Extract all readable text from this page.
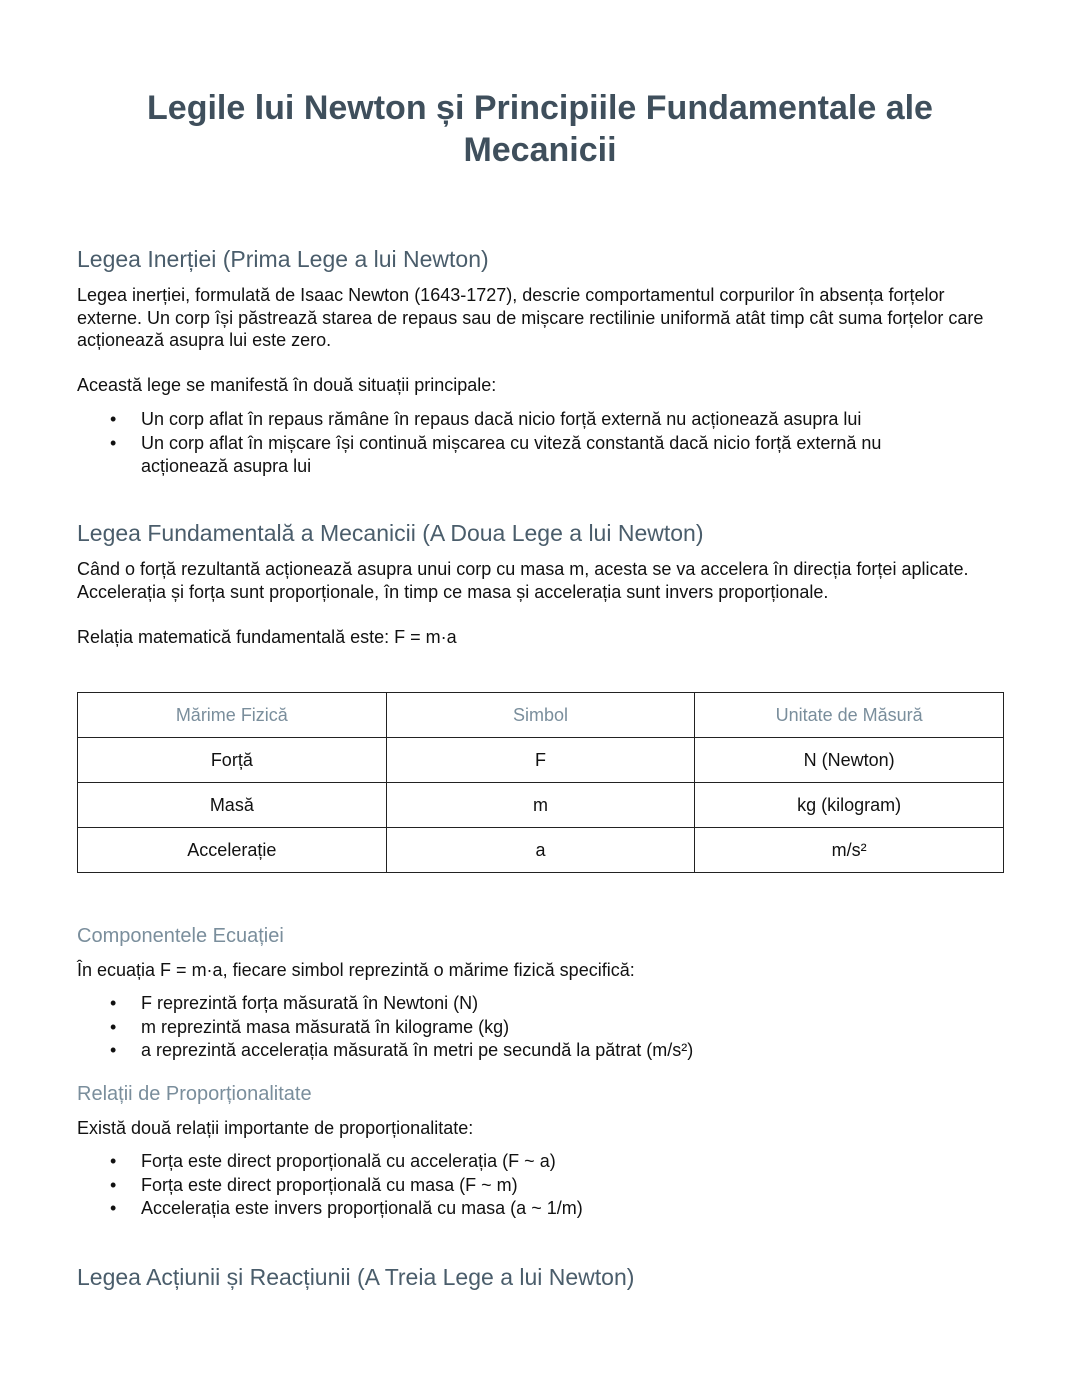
Legile lui Newton și Principiile Fundamentale ale Mecanicii
Legea Inerției (Prima Lege a lui Newton)

Legea inerției, formulată de Isaac Newton (1643-1727), descrie comportamentul corpurilor în absența forțelor externe. Un corp își păstrează starea de repaus sau de mișcare rectilinie uniformă atât timp cât suma forțelor care acționează asupra lui este zero.

Această lege se manifestă în două situații principale:

• Un corp aflat în repaus rămâne în repaus dacă nicio forță externă nu acționează asupra lui
• Un corp aflat în mișcare își continuă mișcarea cu viteză constantă dacă nicio forță externă nu acționează asupra lui
Legea Fundamentală a Mecanicii (A Doua Lege a lui Newton)

Când o forță rezultantă acționează asupra unui corp cu masa m, acesta se va accelera în direcția forței aplicate. Accelerația și forța sunt proporționale, în timp ce masa și accelerația sunt invers proporționale.

Relația matematică fundamentală este: F = m·a

Mărime Fizică	Simbol	Unitate de Măsură
Forță	F	N (Newton)
Masă	m	kg (kilogram)
Accelerație	a	m/s²
Componentele Ecuației

În ecuația F = m·a, fiecare simbol reprezintă o mărime fizică specifică:

• F reprezintă forța măsurată în Newtoni (N)
• m reprezintă masa măsurată în kilograme (kg)
• a reprezintă accelerația măsurată în metri pe secundă la pătrat (m/s²)
Relații de Proporționalitate

Există două relații importante de proporționalitate:

• Forța este direct proporțională cu accelerația (F ~ a)
• Forța este direct proporțională cu masa (F ~ m)
• Accelerația este invers proporțională cu masa (a ~ 1/m)
Legea Acțiunii și Reacțiunii (A Treia Lege a lui Newton)
